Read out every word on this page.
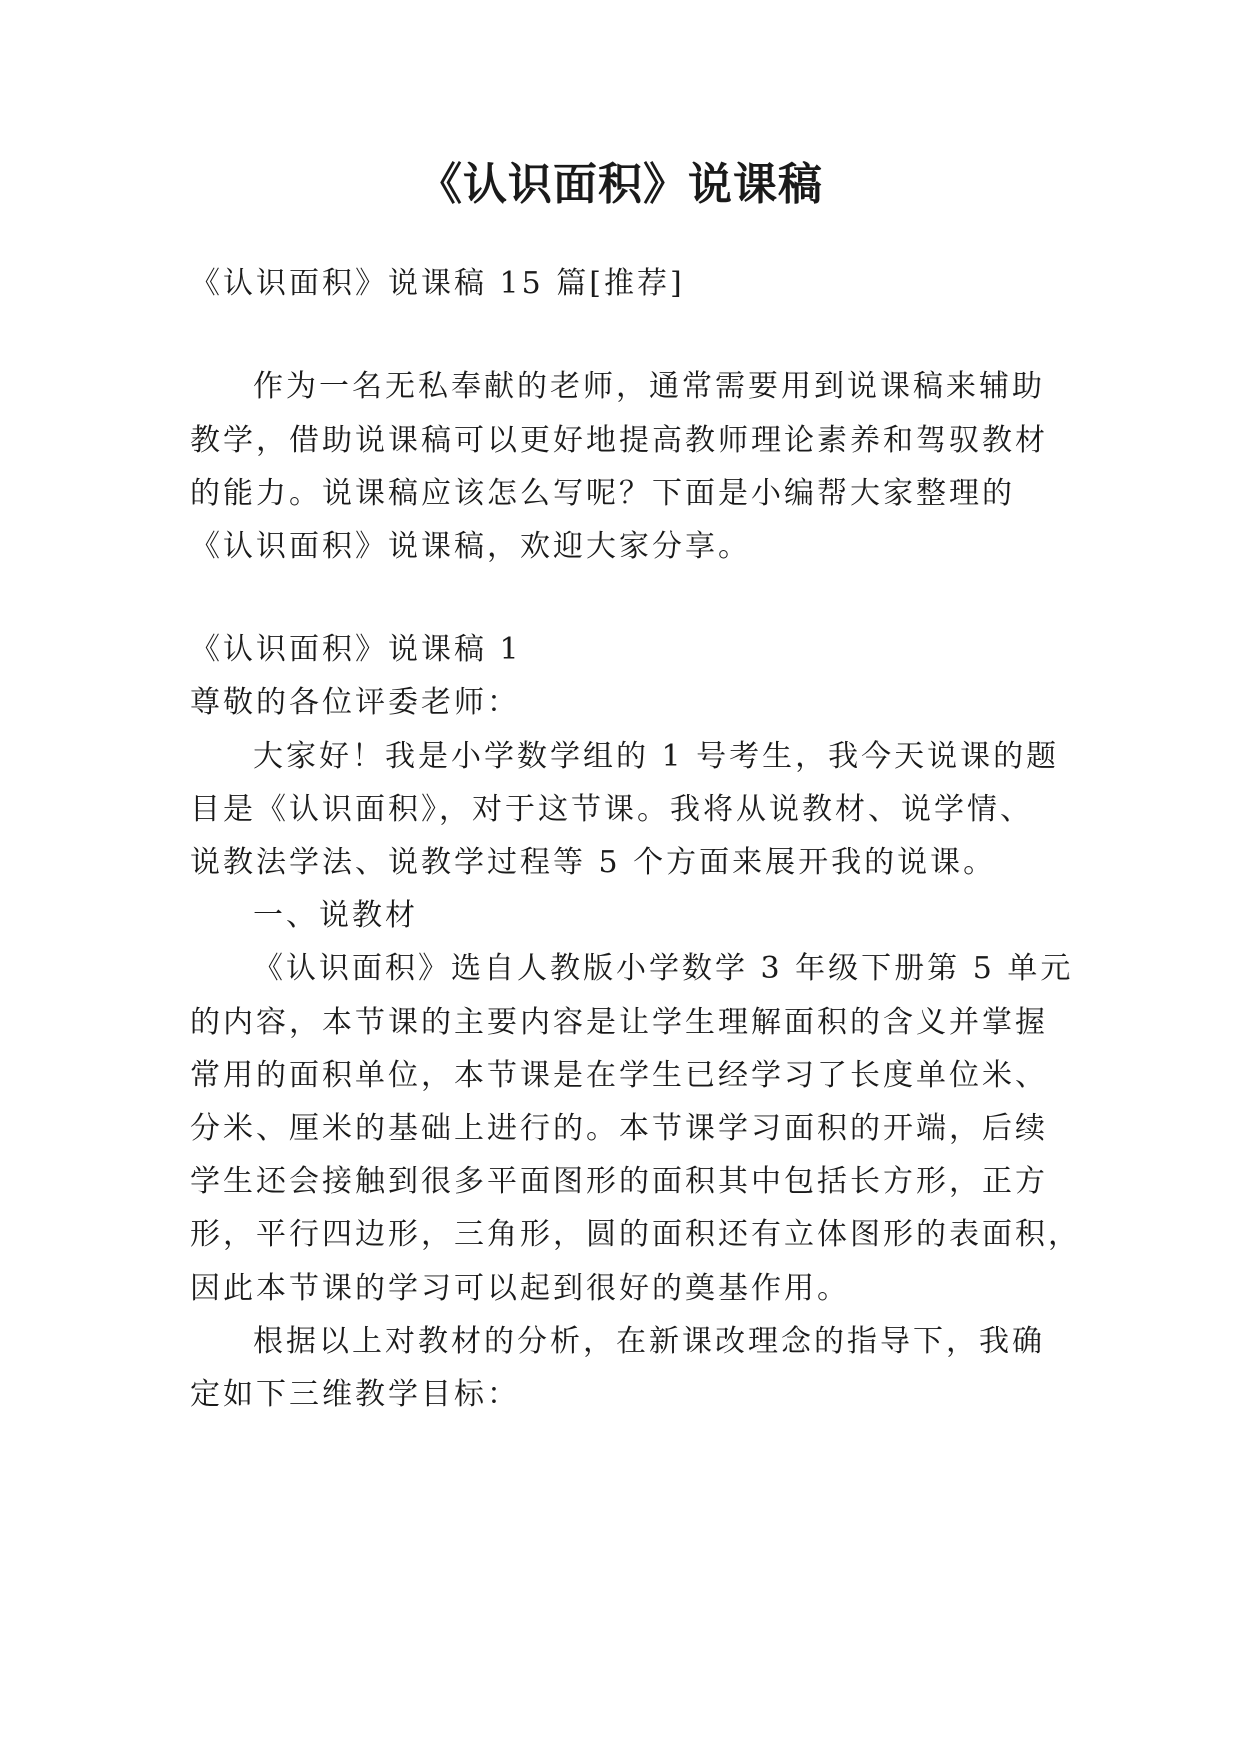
《认识面积》说课稿

《认识面积》说课稿 15 篇[推荐]

作为一名无私奉献的老师，通常需要用到说课稿来辅助

教学，借助说课稿可以更好地提高教师理论素养和驾驭教材

的能力。说课稿应该怎么写呢？下面是小编帮大家整理的

《认识面积》说课稿，欢迎大家分享。

《认识面积》说课稿 1

尊敬的各位评委老师：

大家好！我是小学数学组的 1 号考生，我今天说课的题

目是《认识面积》，对于这节课。我将从说教材、说学情、

说教法学法、说教学过程等 5 个方面来展开我的说课。

一、说教材

《认识面积》选自人教版小学数学 3 年级下册第 5 单元

的内容，本节课的主要内容是让学生理解面积的含义并掌握

常用的面积单位，本节课是在学生已经学习了长度单位米、

分米、厘米的基础上进行的。本节课学习面积的开端，后续

学生还会接触到很多平面图形的面积其中包括长方形，正方

形，平行四边形，三角形，圆的面积还有立体图形的表面积，

因此本节课的学习可以起到很好的奠基作用。

根据以上对教材的分析，在新课改理念的指导下，我确

定如下三维教学目标：
